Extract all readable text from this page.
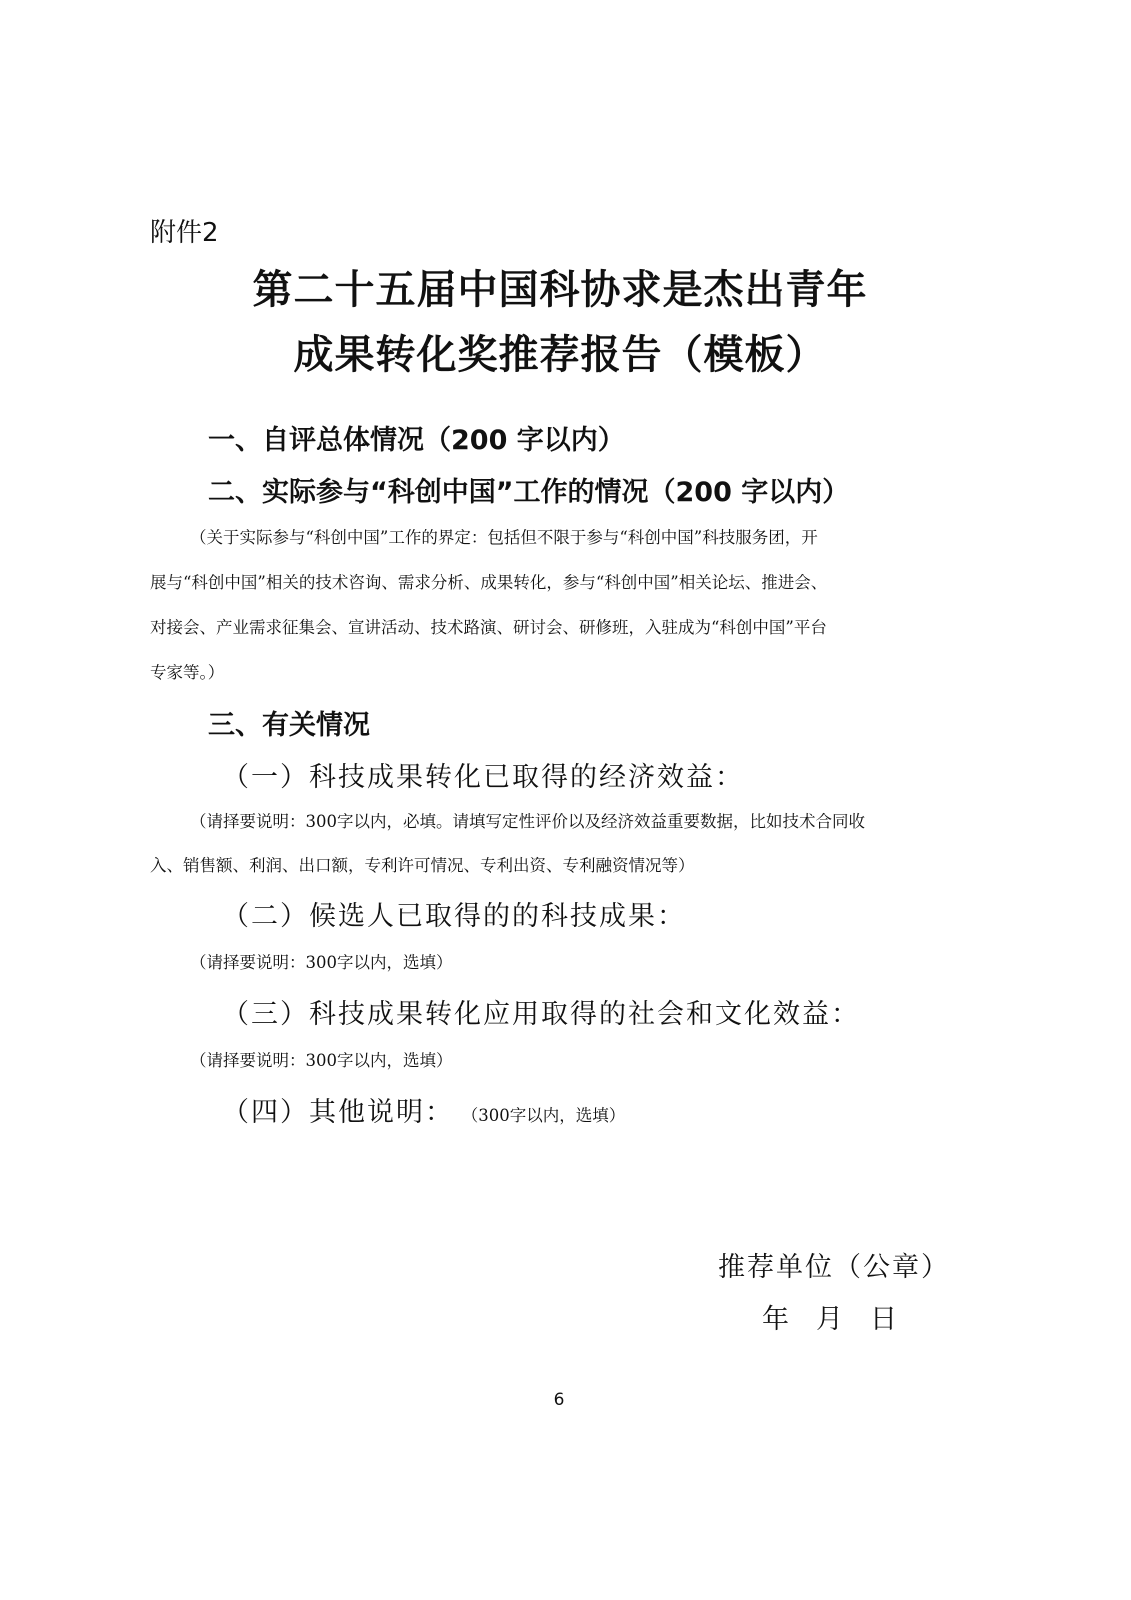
附件2
第二十五届中国科协求是杰出青年
成果转化奖推荐报告（模板）
一、自评总体情况（200 字以内）
二、实际参与“科创中国”工作的情况（200 字以内）
（关于实际参与“科创中国”工作的界定：包括但不限于参与“科创中国”科技服务团，开
展与“科创中国”相关的技术咨询、需求分析、成果转化，参与“科创中国”相关论坛、推进会、
对接会、产业需求征集会、宣讲活动、技术路演、研讨会、研修班，入驻成为“科创中国”平台
专家等。）
三、有关情况
（一）科技成果转化已取得的经济效益：
（请择要说明：300字以内，必填。请填写定性评价以及经济效益重要数据，比如技术合同收
入、销售额、利润、出口额，专利许可情况、专利出资、专利融资情况等）
（二）候选人已取得的的科技成果：
（请择要说明：300字以内，选填）
（三）科技成果转化应用取得的社会和文化效益：
（请择要说明：300字以内，选填）
（四）其他说明： （300字以内，选填）
推荐单位（公章）
年　月　日
6
